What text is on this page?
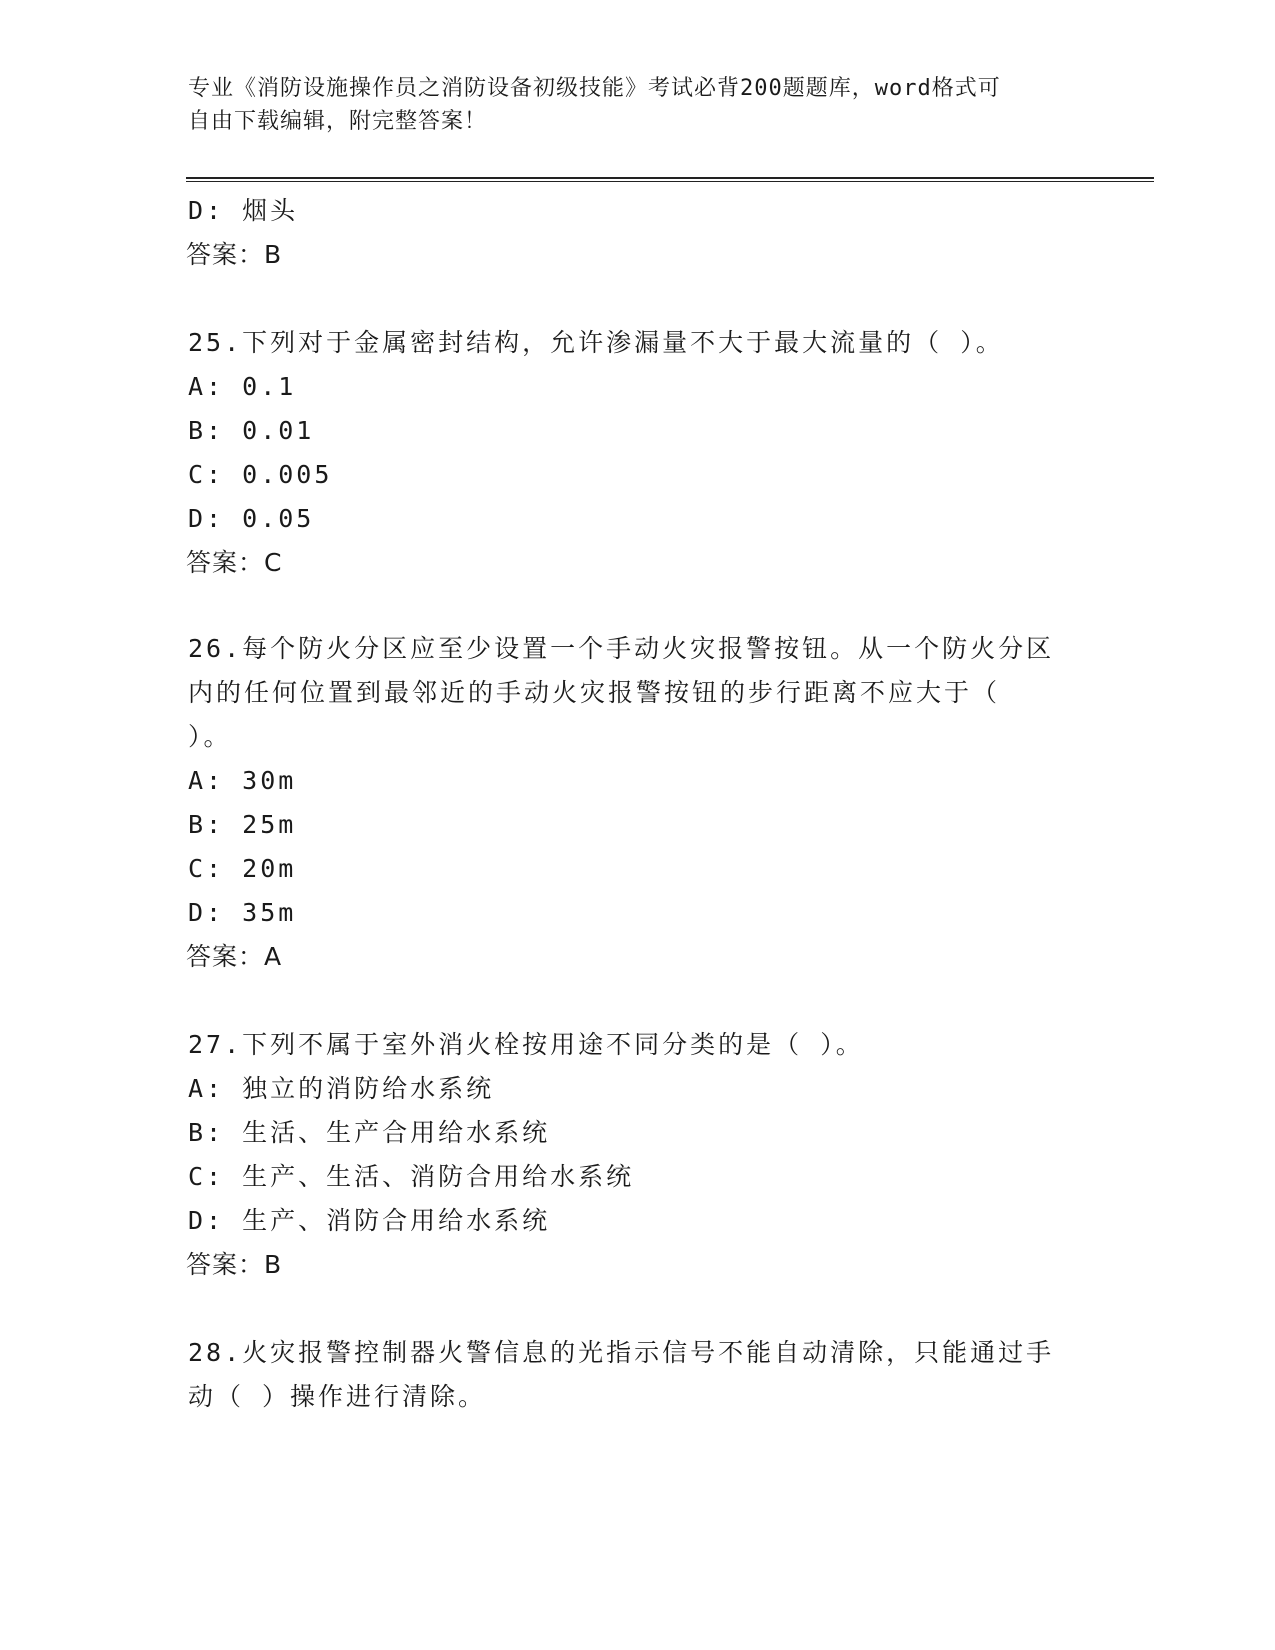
专业《消防设施操作员之消防设备初级技能》考试必背200题题库，word格式可
自由下载编辑，附完整答案！
D: 烟头
答案：B
25.下列对于金属密封结构，允许渗漏量不大于最大流量的（ ）。
A: 0.1
B: 0.01
C: 0.005
D: 0.05
答案：C
26.每个防火分区应至少设置一个手动火灾报警按钮。从一个防火分区
内的任何位置到最邻近的手动火灾报警按钮的步行距离不应大于（
）。
A: 30m
B: 25m
C: 20m
D: 35m
答案：A
27.下列不属于室外消火栓按用途不同分类的是（ ）。
A: 独立的消防给水系统
B: 生活、生产合用给水系统
C: 生产、生活、消防合用给水系统
D: 生产、消防合用给水系统
答案：B
28.火灾报警控制器火警信息的光指示信号不能自动清除，只能通过手
动（ ）操作进行清除。
